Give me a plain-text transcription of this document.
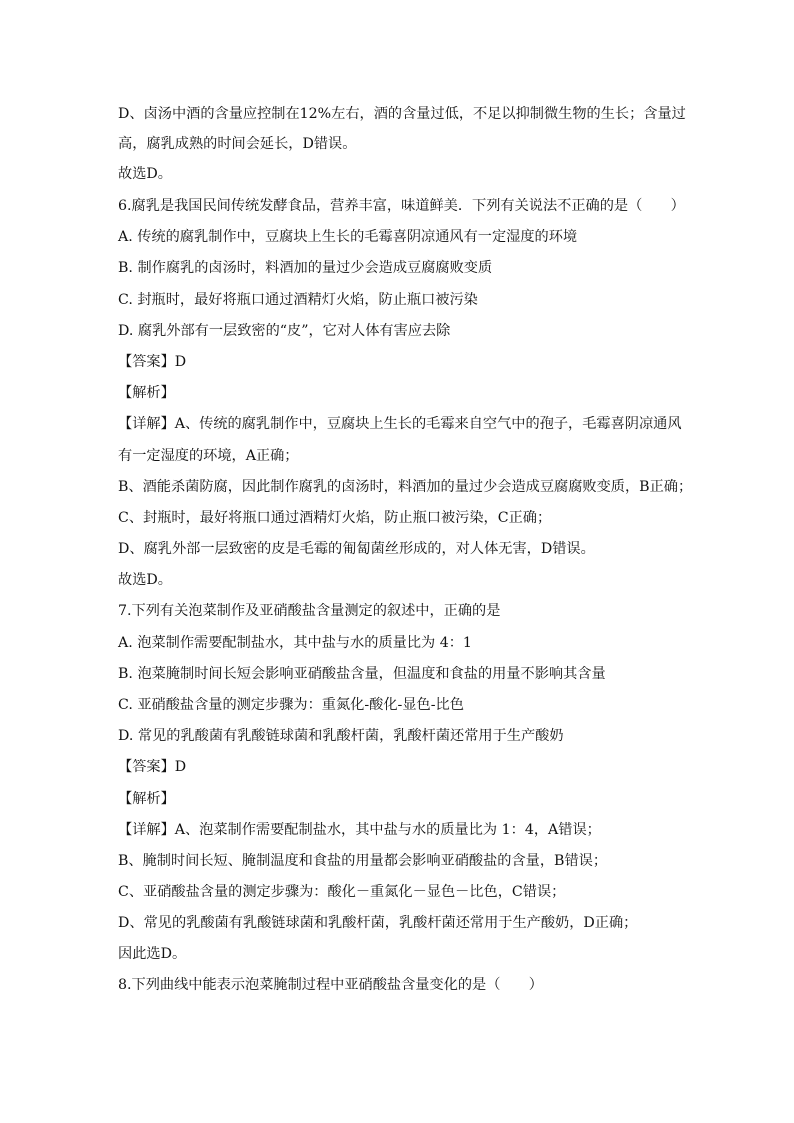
D、卤汤中酒的含量应控制在12%左右，酒的含量过低，不足以抑制微生物的生长；含量过
高，腐乳成熟的时间会延长，D错误。
故选D。
6.腐乳是我国民间传统发酵食品，营养丰富，味道鲜美．下列有关说法不正确的是（　　）
A. 传统的腐乳制作中，豆腐块上生长的毛霉喜阴凉通风有一定湿度的环境
B. 制作腐乳的卤汤时，料酒加的量过少会造成豆腐腐败变质
C. 封瓶时，最好将瓶口通过酒精灯火焰，防止瓶口被污染
D. 腐乳外部有一层致密的“皮”，它对人体有害应去除
【答案】D
【解析】
【详解】A、传统的腐乳制作中，豆腐块上生长的毛霉来自空气中的孢子，毛霉喜阴凉通风
有一定湿度的环境，A正确；
B、酒能杀菌防腐，因此制作腐乳的卤汤时，料酒加的量过少会造成豆腐腐败变质，B正确；
C、封瓶时，最好将瓶口通过酒精灯火焰，防止瓶口被污染，C正确；
D、腐乳外部一层致密的皮是毛霉的匍匐菌丝形成的，对人体无害，D错误。
故选D。
7.下列有关泡菜制作及亚硝酸盐含量测定的叙述中，正确的是
A. 泡菜制作需要配制盐水，其中盐与水的质量比为 4：1
B. 泡菜腌制时间长短会影响亚硝酸盐含量，但温度和食盐的用量不影响其含量
C. 亚硝酸盐含量的测定步骤为：重氮化-酸化-显色-比色
D. 常见的乳酸菌有乳酸链球菌和乳酸杆菌，乳酸杆菌还常用于生产酸奶
【答案】D
【解析】
【详解】A、泡菜制作需要配制盐水，其中盐与水的质量比为 1：4，A错误；
B、腌制时间长短、腌制温度和食盐的用量都会影响亚硝酸盐的含量，B错误；
C、亚硝酸盐含量的测定步骤为：酸化－重氮化－显色－比色，C错误；
D、常见的乳酸菌有乳酸链球菌和乳酸杆菌，乳酸杆菌还常用于生产酸奶，D正确；
因此选D。
8.下列曲线中能表示泡菜腌制过程中亚硝酸盐含量变化的是（　　）
